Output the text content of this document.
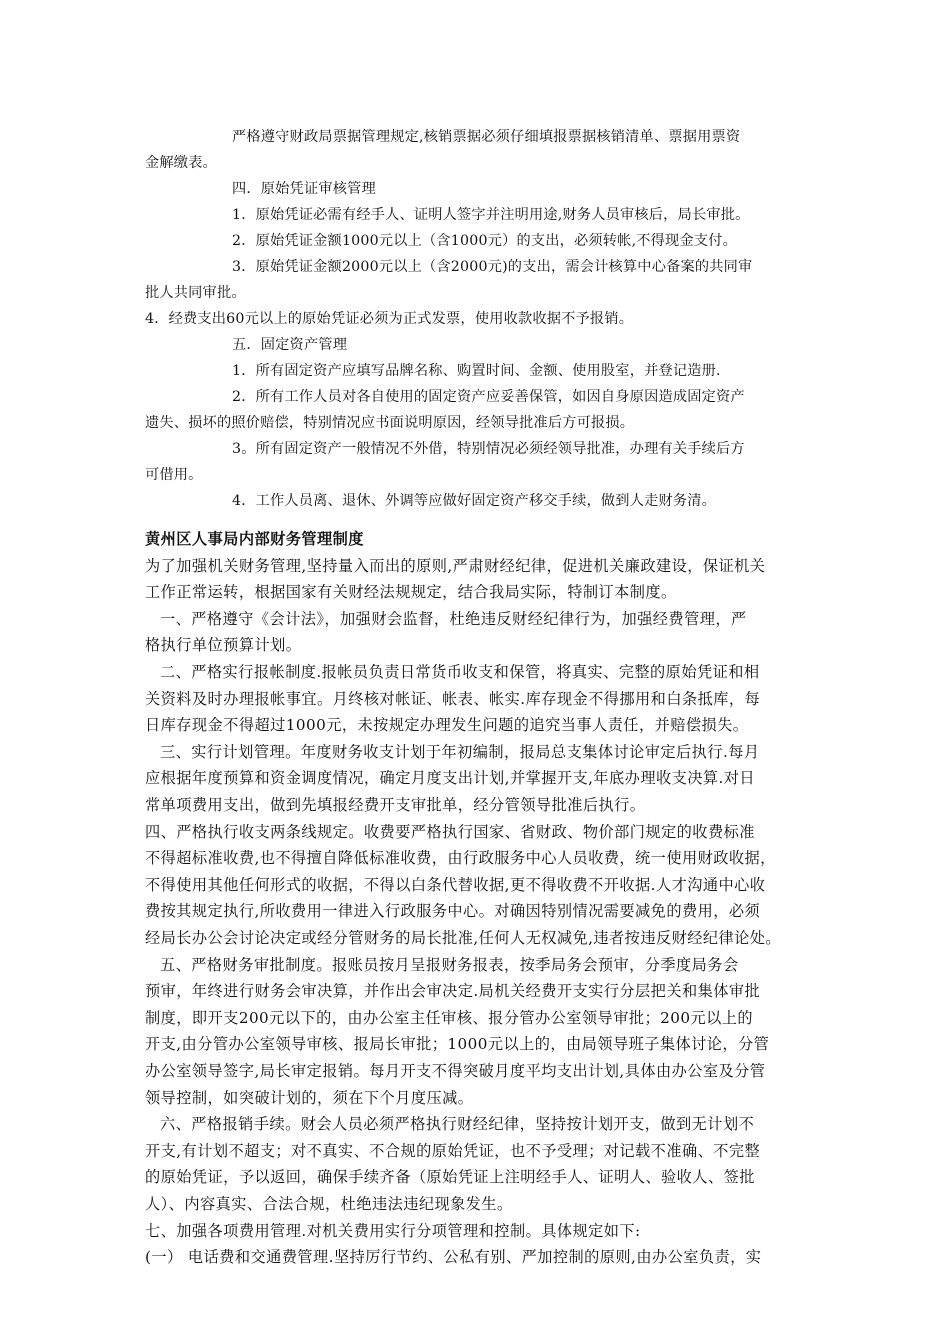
严格遵守财政局票据管理规定,核销票据必须仔细填报票据核销清单、票据用票资

金解缴表。

四．原始凭证审核管理

1．原始凭证必需有经手人、证明人签字并注明用途,财务人员审核后，局长审批。

2．原始凭证金额1000元以上（含1000元）的支出，必须转帐,不得现金支付。

3．原始凭证金额2000元以上（含2000元)的支出，需会计核算中心备案的共同审

批人共同审批。

4．经费支出60元以上的原始凭证必须为正式发票，使用收款收据不予报销。

五．固定资产管理

1．所有固定资产应填写品牌名称、购置时间、金额、使用股室，并登记造册.

2．所有工作人员对各自使用的固定资产应妥善保管，如因自身原因造成固定资产

遗失、损坏的照价赔偿，特别情况应书面说明原因，经领导批准后方可报损。

3。所有固定资产一般情况不外借，特别情况必须经领导批准，办理有关手续后方

可借用。

4．工作人员离、退休、外调等应做好固定资产移交手续，做到人走财务清。

黄州区人事局内部财务管理制度

为了加强机关财务管理,坚持量入而出的原则,严肃财经纪律，促进机关廉政建设，保证机关

工作正常运转，根据国家有关财经法规规定，结合我局实际，特制订本制度。

一、严格遵守《会计法》，加强财会监督，杜绝违反财经纪律行为，加强经费管理，严

格执行单位预算计划。

二、严格实行报帐制度.报帐员负责日常货币收支和保管，将真实、完整的原始凭证和相

关资料及时办理报帐事宜。月终核对帐证、帐表、帐实.库存现金不得挪用和白条抵库，每

日库存现金不得超过1000元，未按规定办理发生问题的追究当事人责任，并赔偿损失。

三、实行计划管理。年度财务收支计划于年初编制，报局总支集体讨论审定后执行.每月

应根据年度预算和资金调度情况，确定月度支出计划,并掌握开支,年底办理收支决算.对日

常单项费用支出，做到先填报经费开支审批单，经分管领导批准后执行。

四、严格执行收支两条线规定。收费要严格执行国家、省财政、物价部门规定的收费标准

不得超标准收费,也不得擅自降低标准收费，由行政服务中心人员收费，统一使用财政收据，

不得使用其他任何形式的收据，不得以白条代替收据,更不得收费不开收据.人才沟通中心收

费按其规定执行,所收费用一律进入行政服务中心。对确因特别情况需要减免的费用，必须

经局长办公会讨论决定或经分管财务的局长批准,任何人无权减免,违者按违反财经纪律论处。

五、严格财务审批制度。报账员按月呈报财务报表，按季局务会预审，分季度局务会

预审，年终进行财务会审决算，并作出会审决定.局机关经费开支实行分层把关和集体审批

制度，即开支200元以下的，由办公室主任审核、报分管办公室领导审批；200元以上的

开支,由分管办公室领导审核、报局长审批；1000元以上的，由局领导班子集体讨论，分管

办公室领导签字,局长审定报销。每月开支不得突破月度平均支出计划,具体由办公室及分管

领导控制，如突破计划的，须在下个月度压减。

六、严格报销手续。财会人员必须严格执行财经纪律，坚持按计划开支，做到无计划不

开支,有计划不超支；对不真实、不合规的原始凭证，也不予受理；对记载不准确、不完整

的原始凭证，予以返回，确保手续齐备（原始凭证上注明经手人、证明人、验收人、签批

人）、内容真实、合法合规，杜绝违法违纪现象发生。

七、加强各项费用管理.对机关费用实行分项管理和控制。具体规定如下:

(一） 电话费和交通费管理.坚持厉行节约、公私有别、严加控制的原则,由办公室负责，实
